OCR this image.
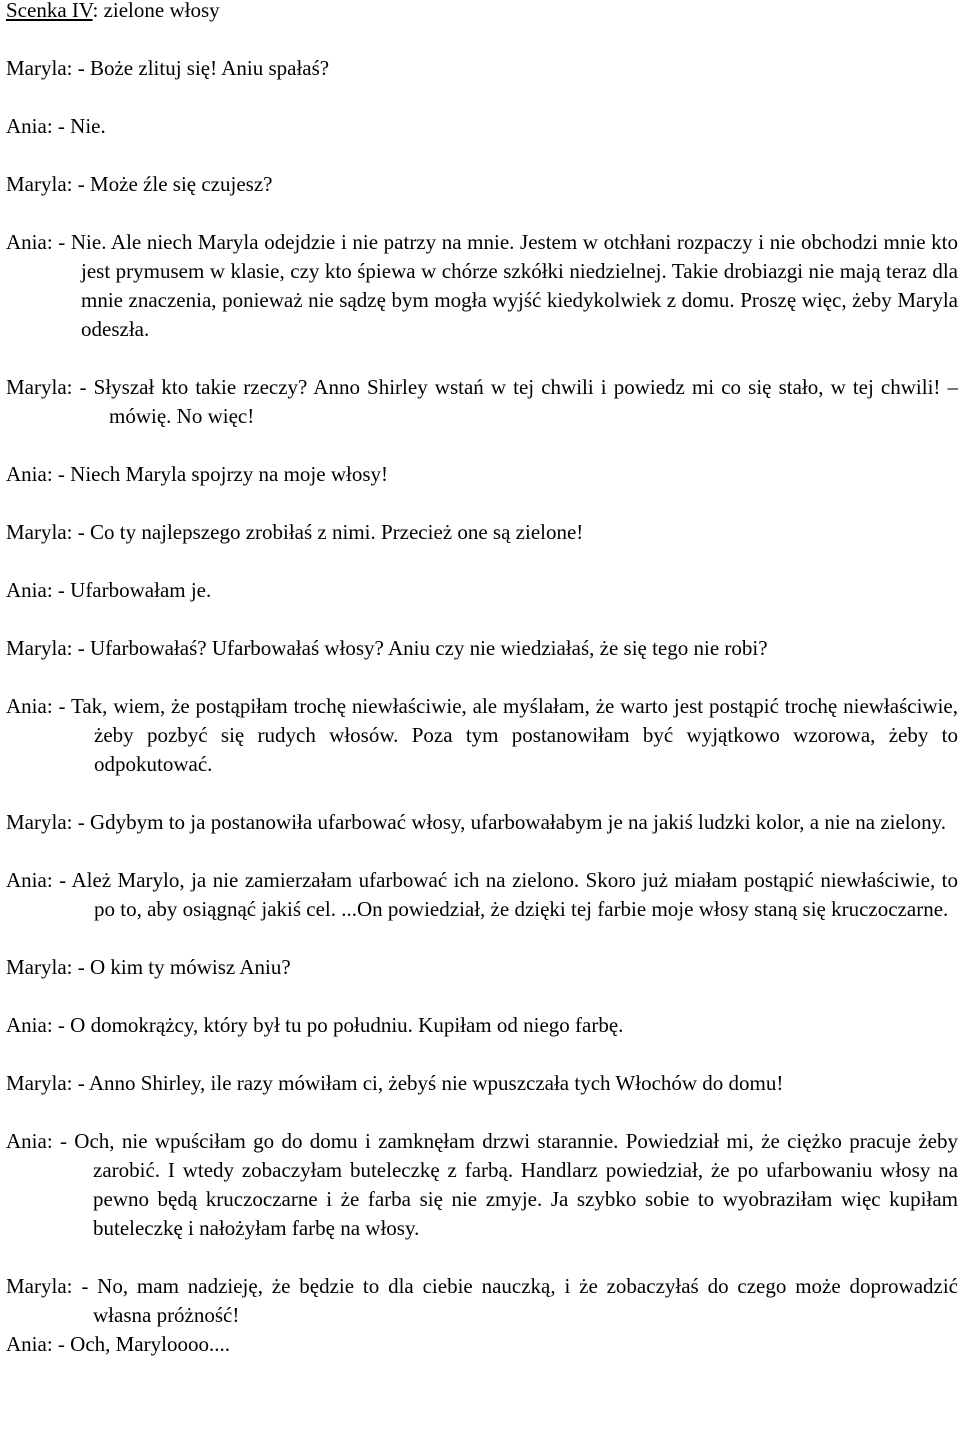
Scenka IV: zielone włosy
Maryla: - Boże zlituj się! Aniu spałaś?
Ania: - Nie.
Maryla: - Może źle się czujesz?
Ania: - Nie. Ale niech Maryla odejdzie i nie patrzy na mnie. Jestem w otchłani rozpaczy i nie obchodzi mnie kto jest prymusem w klasie, czy kto śpiewa w chórze szkółki niedzielnej. Takie drobiazgi nie mają teraz dla mnie znaczenia, ponieważ nie sądzę bym mogła wyjść kiedykolwiek z domu. Proszę więc, żeby Maryla odeszła.
Maryla: - Słyszał kto takie rzeczy? Anno Shirley wstań w tej chwili i powiedz mi co się stało, w tej chwili! – mówię. No więc!
Ania: - Niech Maryla spojrzy na moje włosy!
Maryla: - Co ty najlepszego zrobiłaś z nimi. Przecież one są zielone!
Ania: - Ufarbowałam je.
Maryla: - Ufarbowałaś? Ufarbowałaś włosy? Aniu czy nie wiedziałaś, że się tego nie robi?
Ania: - Tak, wiem, że postąpiłam trochę niewłaściwie, ale myślałam, że warto jest postąpić trochę niewłaściwie, żeby pozbyć się rudych włosów. Poza tym postanowiłam być wyjątkowo wzorowa, żeby to odpokutować.
Maryla: - Gdybym to ja postanowiła ufarbować włosy, ufarbowałabym je na jakiś ludzki kolor, a nie na zielony.
Ania: - Ależ Marylo, ja nie zamierzałam ufarbować ich na zielono. Skoro już miałam postąpić niewłaściwie, to po to, aby osiągnąć jakiś cel. ...On powiedział, że dzięki tej farbie moje włosy staną się kruczoczarne.
Maryla: - O kim ty mówisz Aniu?
Ania: - O domokrążcy, który był tu po południu. Kupiłam od niego farbę.
Maryla: - Anno Shirley, ile razy mówiłam ci, żebyś nie wpuszczała tych Włochów do domu!
Ania: - Och, nie wpuściłam go do domu i zamknęłam drzwi starannie. Powiedział mi, że ciężko pracuje żeby zarobić. I wtedy zobaczyłam buteleczkę z farbą. Handlarz powiedział, że po ufarbowaniu włosy na pewno będą kruczoczarne i że farba się nie zmyje. Ja szybko sobie to wyobraziłam więc kupiłam buteleczkę i nałożyłam farbę na włosy.
Maryla: - No, mam nadzieję, że będzie to dla ciebie nauczką, i że zobaczyłaś do czego może doprowadzić własna próżność!
Ania: - Och, Maryloooo....
